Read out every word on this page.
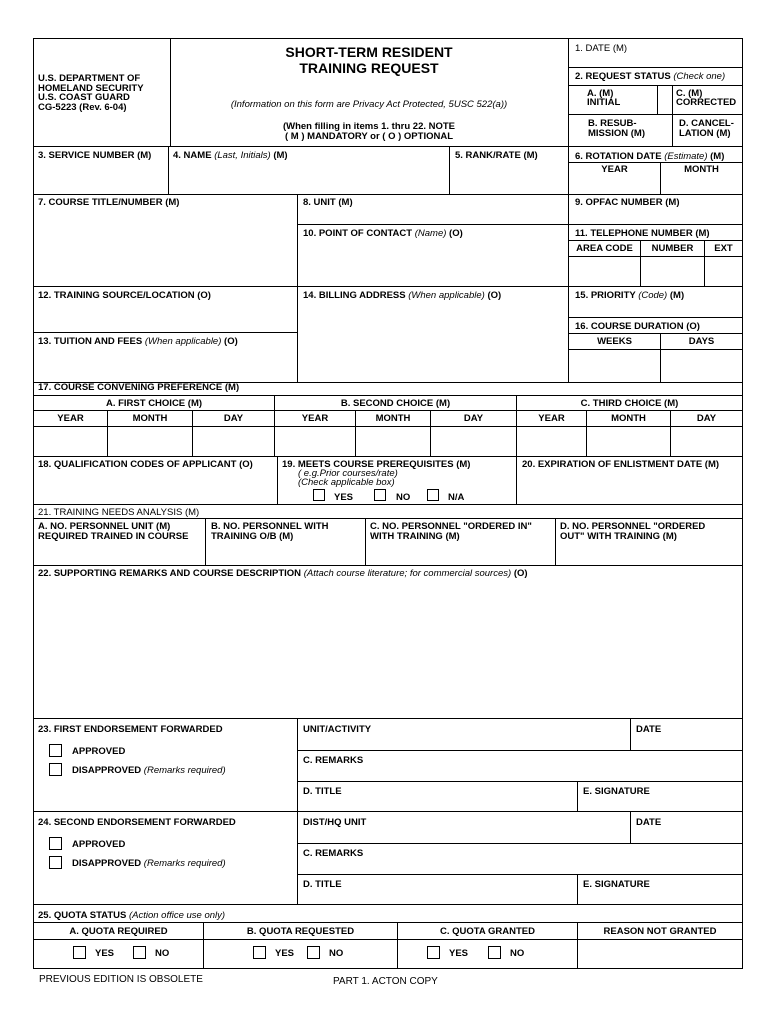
SHORT-TERM RESIDENT
TRAINING REQUEST
U.S. DEPARTMENT OF
HOMELAND SECURITY
U.S. COAST GUARD
CG-5223 (Rev. 6-04)	(Information on this form are Privacy Act Protected, 5USC 522(a))
(When filling in items 1. thru 22. NOTE
( M ) MANDATORY or ( O ) OPTIONAL
1. DATE (M)
2. REQUEST STATUS (Check one)
A. (M)
INITIAL
C. (M)
CORRECTED
B. RESUB-
MISSION (M)
D. CANCEL-
LATION (M)
3. SERVICE NUMBER (M) 4. NAME (Last, Initials) (M)	5. RANK/RATE (M)	6. ROTATION DATE (Estimate) (M)
YEAR	MONTH
7. COURSE TITLE/NUMBER (M)	8. UNIT (M)	9. OPFAC NUMBER (M)
10. POINT OF CONTACT (Name) (O)	11. TELEPHONE NUMBER (M)
AREA CODE	NUMBER	EXT
12. TRAINING SOURCE/LOCATION (O)	14. BILLING ADDRESS (When applicable) (O)	15. PRIORITY (Code) (M)
16. COURSE DURATION (O)
WEEKS	DAYS
13. TUITION AND FEES (When applicable) (O)
17. COURSE CONVENING PREFERENCE (M)
A. FIRST CHOICE (M)	B. SECOND CHOICE (M)	C. THIRD CHOICE (M)
YEAR	MONTH	DAY	YEAR	MONTH	DAY	YEAR	MONTH	DAY
18. QUALIFICATION CODES OF APPLICANT (O)	19. MEETS COURSE PREREQUISITES (M)
( e.g.Prior courses/rate)
(Check applicable box)
YES	NO	N/A
20. EXPIRATION OF ENLISTMENT DATE (M)
21. TRAINING NEEDS ANALYSIS (M)
A. NO. PERSONNEL UNIT (M)
REQUIRED TRAINED IN COURSE
B. NO. PERSONNEL WITH
TRAINING O/B (M)
C. NO. PERSONNEL "ORDERED IN"
WITH TRAINING (M)
D. NO. PERSONNEL "ORDERED
OUT" WITH TRAINING (M)
22. SUPPORTING REMARKS AND COURSE DESCRIPTION (Attach course literature; for commercial sources) (O)
23. FIRST ENDORSEMENT FORWARDED
APPROVED
DISAPPROVED (Remarks required)
UNIT/ACTIVITY	DATE
C. REMARKS
D. TITLE	E. SIGNATURE
24. SECOND ENDORSEMENT FORWARDED
APPROVED
DISAPPROVED (Remarks required)
DIST/HQ UNIT	DATE
C. REMARKS
D. TITLE	E. SIGNATURE
25. QUOTA STATUS (Action office use only)
A. QUOTA REQUIRED	B. QUOTA REQUESTED	C. QUOTA GRANTED	REASON NOT GRANTED
YES	NO	YES	NO	YES	NO
PREVIOUS EDITION IS OBSOLETE	PART 1. ACTON COPY
